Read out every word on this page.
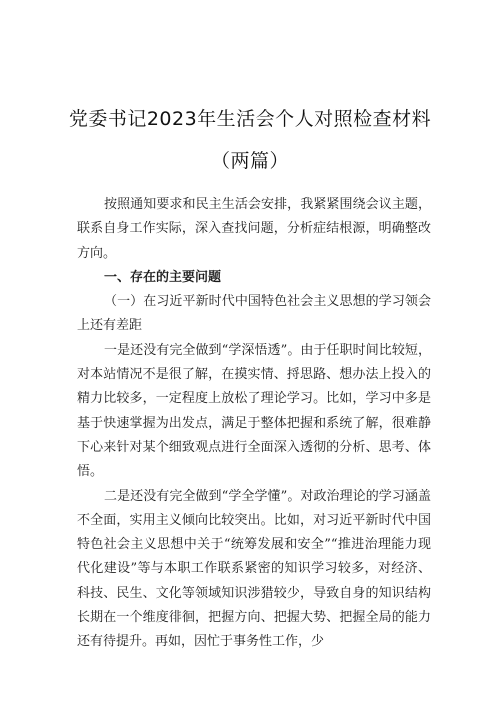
党委书记2023年生活会个人对照检查材料
（两篇）

按照通知要求和民主生活会安排，我紧紧围绕会议主题，联系自身工作实际，深入查找问题，分析症结根源，明确整改方向。

一、存在的主要问题

（一）在习近平新时代中国特色社会主义思想的学习领会上还有差距

一是还没有完全做到“学深悟透”。由于任职时间比较短，对本站情况不是很了解，在摸实情、捋思路、想办法上投入的精力比较多，一定程度上放松了理论学习。比如，学习中多是基于快速掌握为出发点，满足于整体把握和系统了解，很难静下心来针对某个细致观点进行全面深入透彻的分析、思考、体悟。

二是还没有完全做到“学全学懂”。对政治理论的学习涵盖不全面，实用主义倾向比较突出。比如，对习近平新时代中国特色社会主义思想中关于“统筹发展和安全”“推进治理能力现代化建设”等与本职工作联系紧密的知识学习较多，对经济、科技、民生、文化等领域知识涉猎较少，导致自身的知识结构长期在一个维度徘徊，把握方向、把握大势、把握全局的能力还有待提升。再如，因忙于事务性工作，少
